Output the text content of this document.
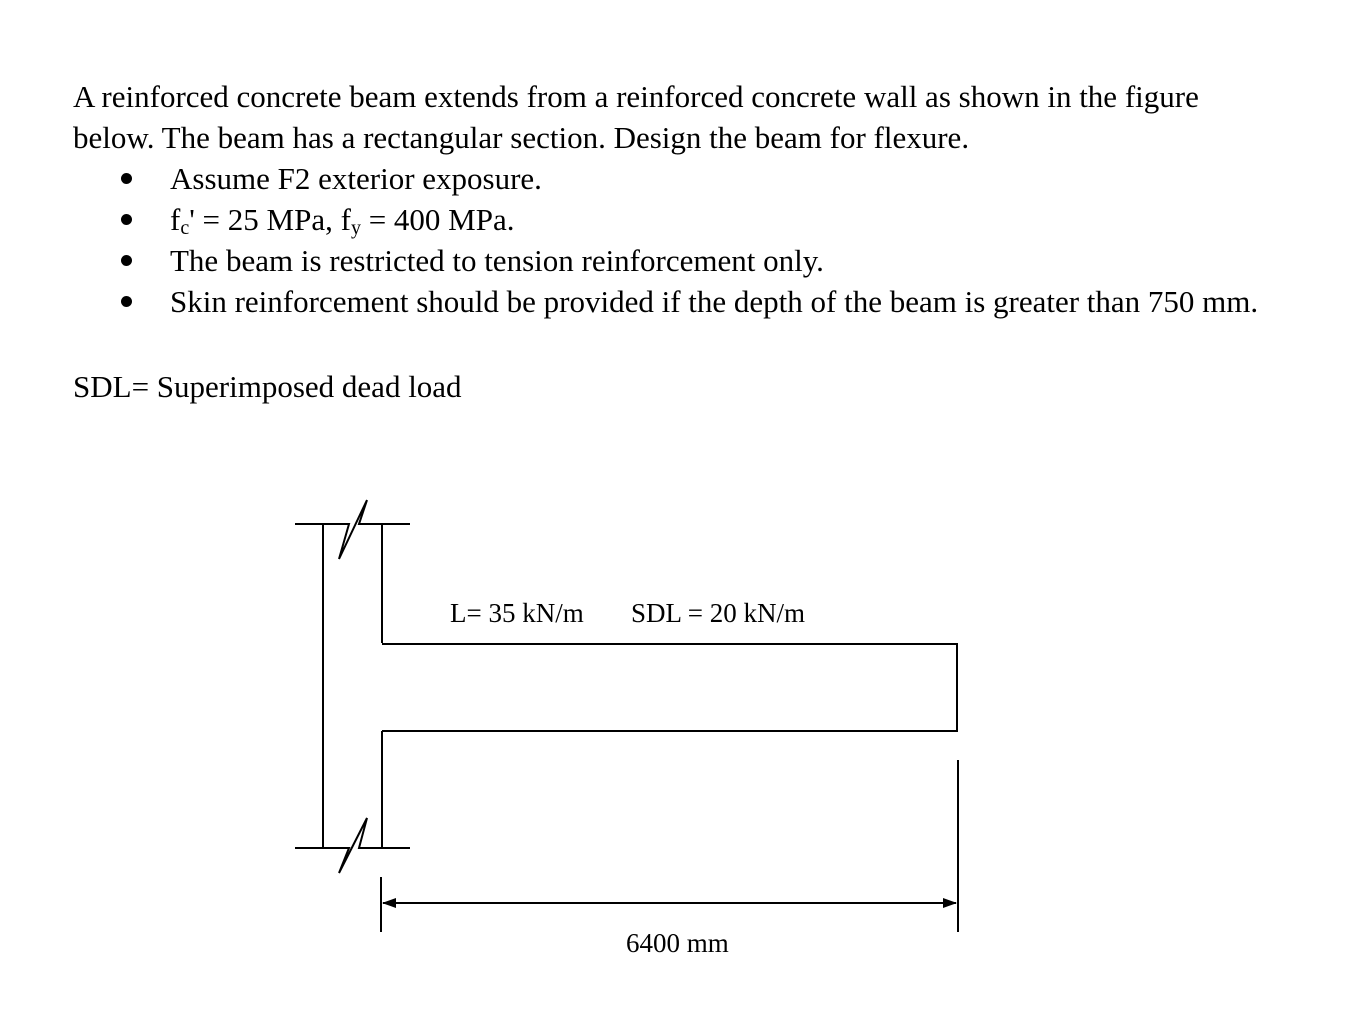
A reinforced concrete beam extends from a reinforced concrete wall as shown in the figure
below. The beam has a rectangular section. Design the beam for flexure.
Assume F2 exterior exposure.
$f_c' = 25$ MPa, $f_y = 400$ MPa.
The beam is restricted to tension reinforcement only.
Skin reinforcement should be provided if the depth of the beam is greater than 750 mm.
SDL= Superimposed dead load
L= 35 kN/m SDL = 20 kN/m
6400 mm
